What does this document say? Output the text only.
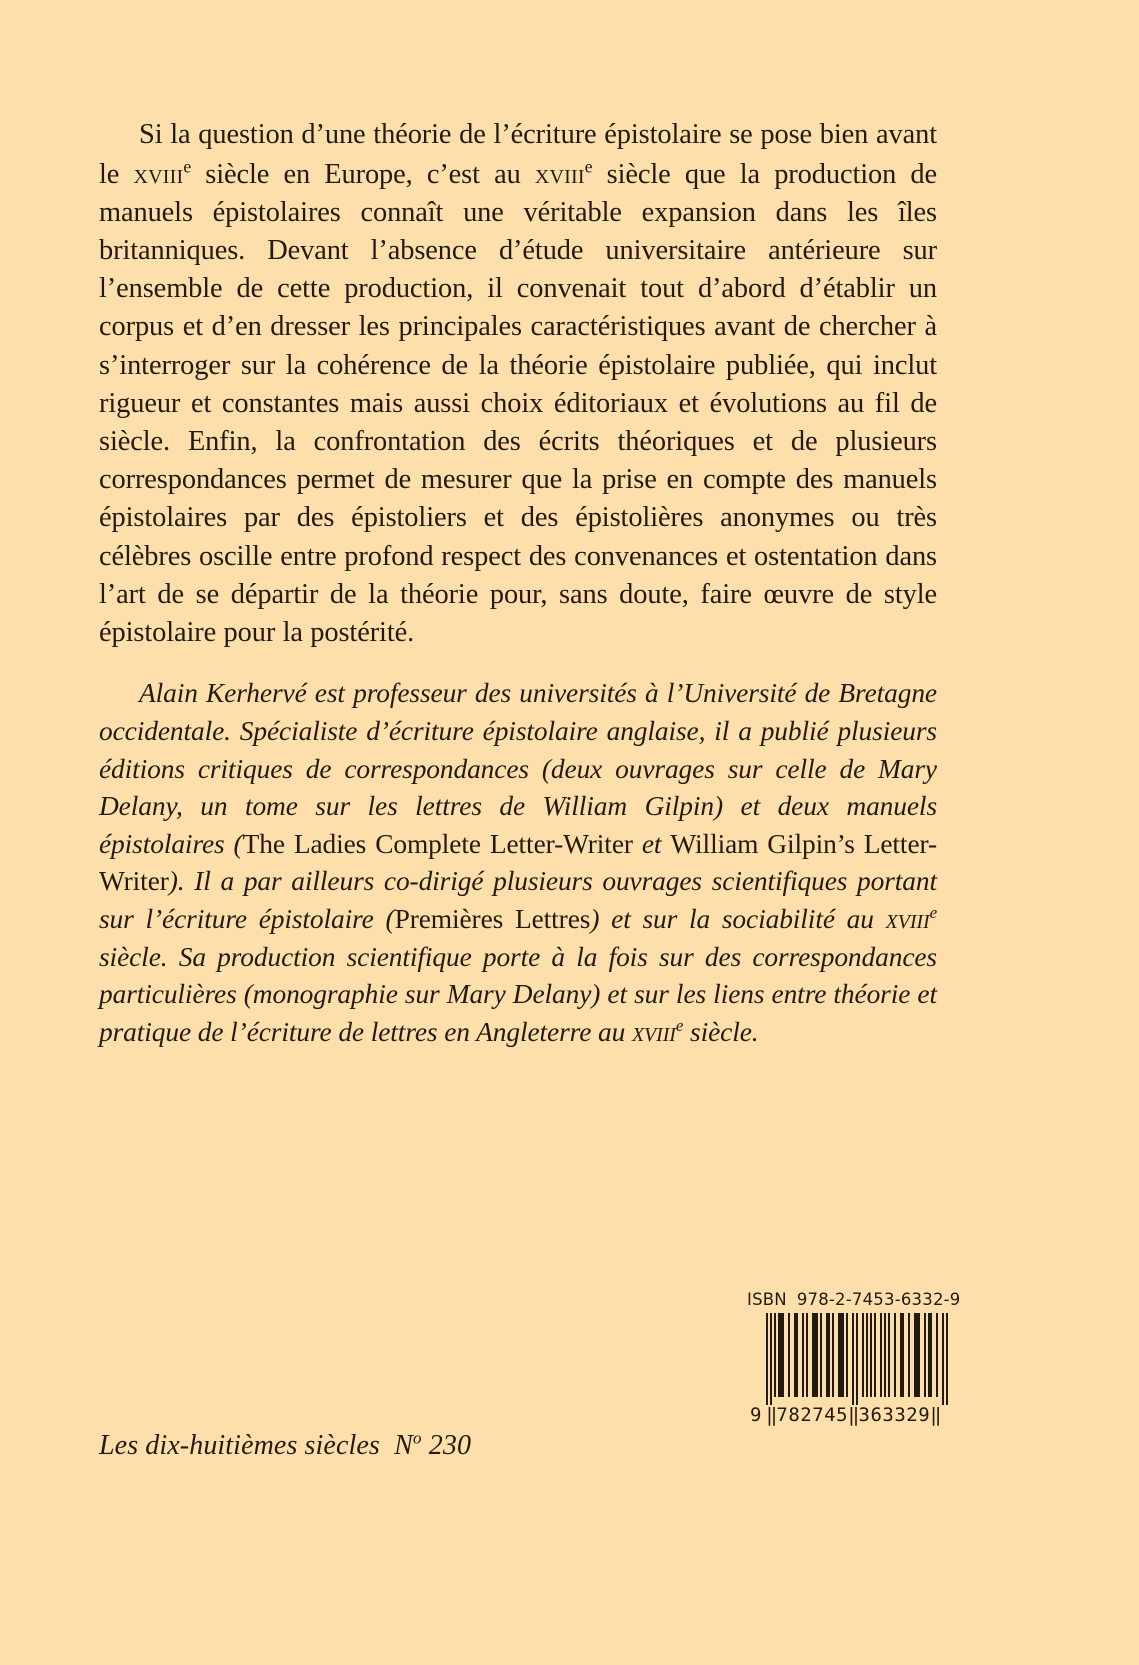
Si la question d’une théorie de l’écriture épistolaire se pose bien avant le xviii$^e$ siècle en Europe, c’est au xviii$^e$ siècle que la production de manuels épistolaires connaît une véritable expansion dans les îles britanniques. Devant l’absence d’étude universitaire antérieure sur l’ensemble de cette production, il convenait tout d’abord d’établir un corpus et d’en dresser les principales caractéristiques avant de chercher à s’interroger sur la cohérence de la théorie épistolaire publiée, qui inclut rigueur et constantes mais aussi choix éditoriaux et évolutions au fil de siècle. Enfin, la confrontation des écrits théoriques et de plusieurs correspondances permet de mesurer que la prise en compte des manuels épistolaires par des épistoliers et des épistolières anonymes ou très célèbres oscille entre profond respect des convenances et ostentation dans l’art de se départir de la théorie pour, sans doute, faire œuvre de style épistolaire pour la postérité.

Alain Kerhervé est professeur des universités à l’Université de Bretagne occidentale. Spécialiste d’écriture épistolaire anglaise, il a publié plusieurs éditions critiques de correspondances (deux ouvrages sur celle de Mary Delany, un tome sur les lettres de William Gilpin) et deux manuels épistolaires (The Ladies Complete Letter-Writer et William Gilpin’s Letter-Writer). Il a par ailleurs co-dirigé plusieurs ouvrages scientifiques portant sur l’écriture épistolaire (Premières Lettres) et sur la sociabilité au xviii$^e$ siècle. Sa production scientifique porte à la fois sur des correspondances particulières (monographie sur Mary Delany) et sur les liens entre théorie et pratique de l’écriture de lettres en Angleterre au xviii$^e$ siècle.

Les dix-huitièmes siècles $N^o$ 230
ISBN 978-2-7453-6332-9
9 ‖782745‖363329‖
